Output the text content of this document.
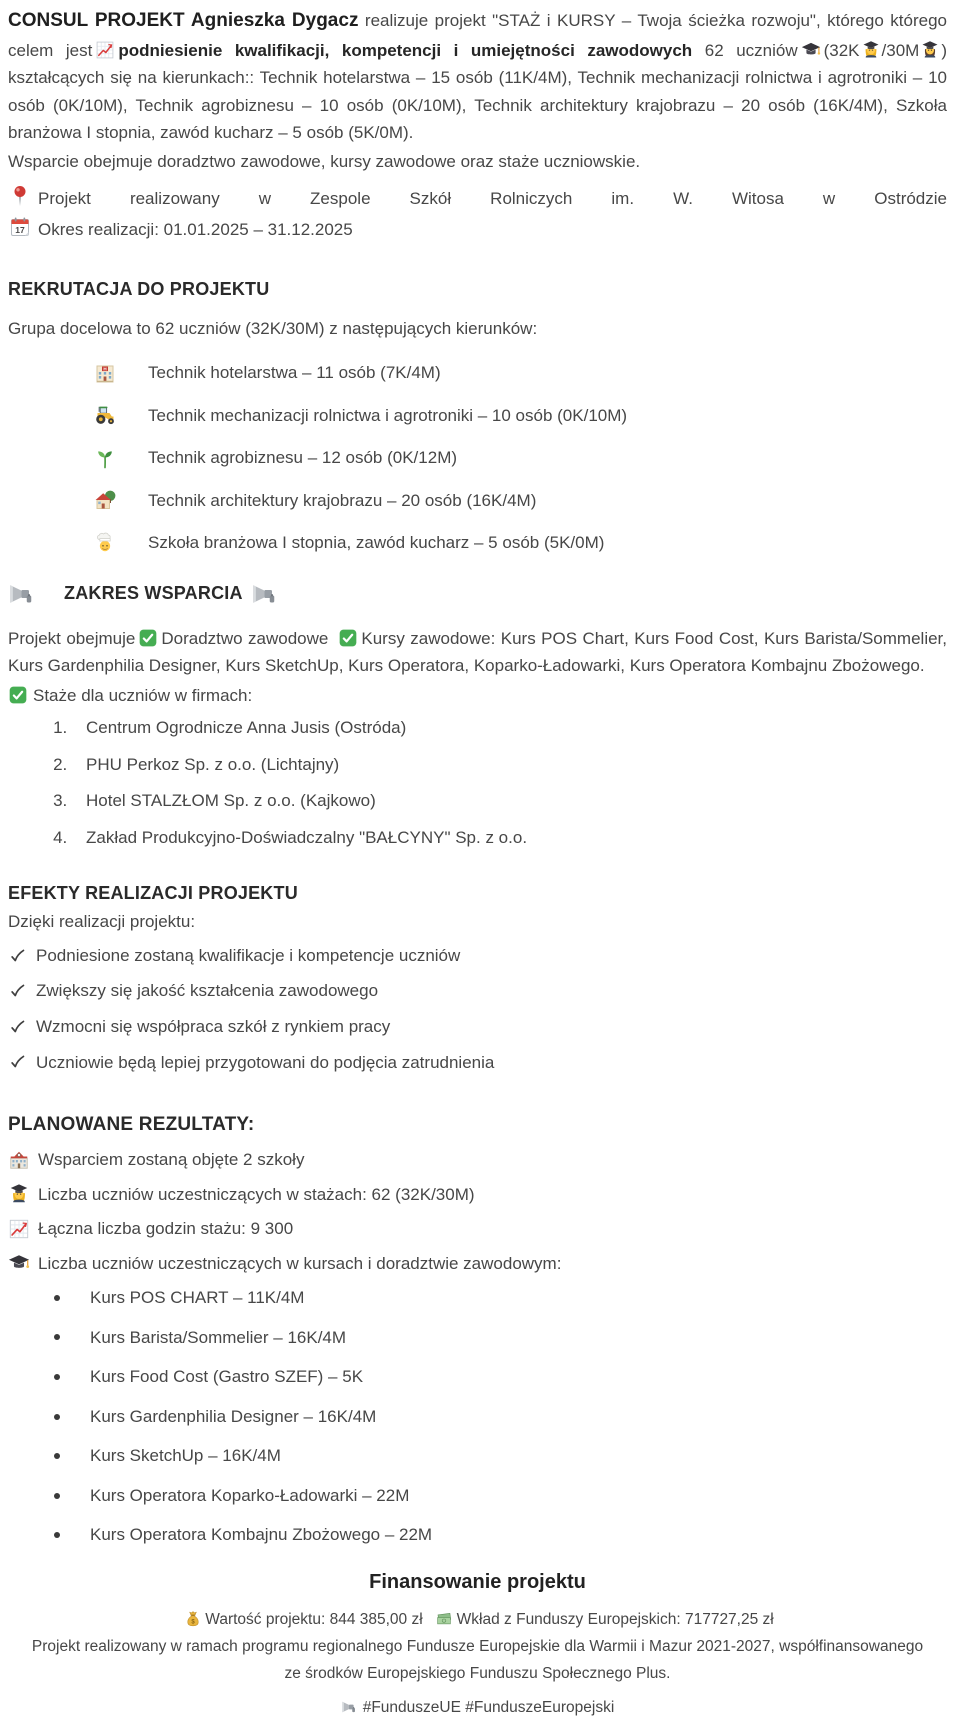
CONSUL PROJEKT Agnieszka Dygacz realizuje projekt "STAŻ i KURSY – Twoja ścieżka rozwoju", którego którego celem jest podniesienie kwalifikacji, kompetencji i umiejętności zawodowych 62 uczniów (32K /30M ) kształcących się na kierunkach:: Technik hotelarstwa – 15 osób (11K/4M), Technik mechanizacji rolnictwa i agrotroniki – 10 osób (0K/10M), Technik agrobiznesu – 10 osób (0K/10M), Technik architektury krajobrazu – 20 osób (16K/4M), Szkoła branżowa I stopnia, zawód kucharz – 5 osób (5K/0M).

Wsparcie obejmuje doradztwo zawodowe, kursy zawodowe oraz staże uczniowskie.
Projekt realizowany w Zespole Szkół Rolniczych im. W. Witosa w Ostródzie
Okres realizacji: 01.01.2025 – 31.12.2025
REKRUTACJA DO PROJEKTU
Grupa docelowa to 62 uczniów (32K/30M) z następujących kierunków:
Technik hotelarstwa – 11 osób (7K/4M)
Technik mechanizacji rolnictwa i agrotroniki – 10 osób (0K/10M)
Technik agrobiznesu – 12 osób (0K/12M)
Technik architektury krajobrazu – 20 osób (16K/4M)
Szkoła branżowa I stopnia, zawód kucharz – 5 osób (5K/0M)
ZAKRES WSPARCIA

Projekt obejmuje Doradztwo zawodowe Kursy zawodowe: Kurs POS Chart, Kurs Food Cost, Kurs Barista/Sommelier, Kurs Gardenphilia Designer, Kurs SketchUp, Kurs Operatora, Koparko-Ładowarki, Kurs Operatora Kombajnu Zbożowego.

Staże dla uczniów w firmach:
1. Centrum Ogrodnicze Anna Jusis (Ostróda)
2. PHU Perkoz Sp. z o.o. (Lichtajny)
3. Hotel STALZŁOM Sp. z o.o. (Kajkowo)
4. Zakład Produkcyjno-Doświadczalny "BAŁCYNY" Sp. z o.o.
EFEKTY REALIZACJI PROJEKTU
Dzięki realizacji projektu:
Podniesione zostaną kwalifikacje i kompetencje uczniów
Zwiększy się jakość kształcenia zawodowego
Wzmocni się współpraca szkół z rynkiem pracy
Uczniowie będą lepiej przygotowani do podjęcia zatrudnienia
PLANOWANE REZULTATY:
Wsparciem zostaną objęte 2 szkoły
Liczba uczniów uczestniczących w stażach: 62 (32K/30M)
Łączna liczba godzin stażu: 9 300
Liczba uczniów uczestniczących w kursach i doradztwie zawodowym:
Kurs POS CHART – 11K/4M
Kurs Barista/Sommelier – 16K/4M
Kurs Food Cost (Gastro SZEF) – 5K
Kurs Gardenphilia Designer – 16K/4M
Kurs SketchUp – 16K/4M
Kurs Operatora Koparko-Ładowarki – 22M
Kurs Operatora Kombajnu Zbożowego – 22M
Finansowanie projektu
Wartość projektu: 844 385,00 zł Wkład z Funduszy Europejskich: 717727,25 zł
Projekt realizowany w ramach programu regionalnego Fundusze Europejskie dla Warmii i Mazur 2021-2027, współfinansowanego ze środków Europejskiego Funduszu Społecznego Plus.
#FunduszeUE #FunduszeEuropejski
